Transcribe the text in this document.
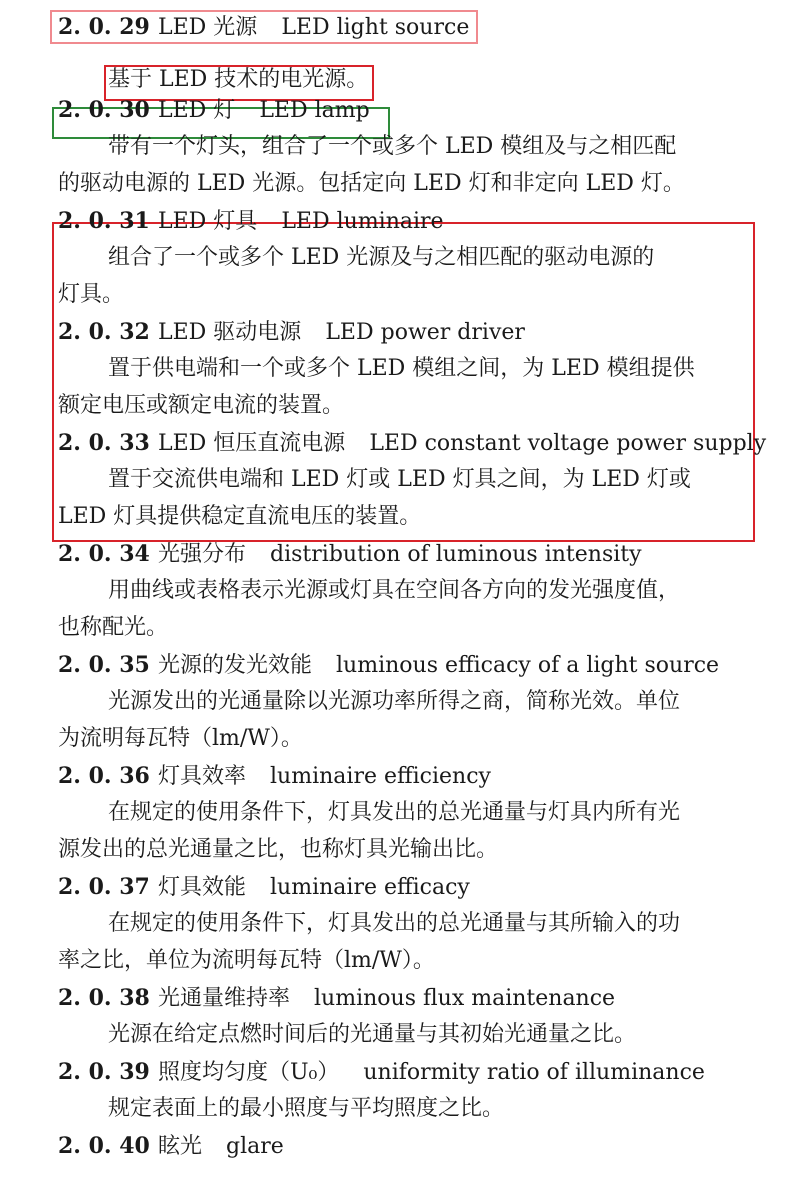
2. 0. 29 LED 光源 LED light source
基于 LED 技术的电光源。
2. 0. 30 LED 灯 LED lamp
带有一个灯头，组合了一个或多个 LED 模组及与之相匹配
的驱动电源的 LED 光源。包括定向 LED 灯和非定向 LED 灯。
2. 0. 31 LED 灯具 LED luminaire
组合了一个或多个 LED 光源及与之相匹配的驱动电源的
灯具。
2. 0. 32 LED 驱动电源 LED power driver
置于供电端和一个或多个 LED 模组之间，为 LED 模组提供
额定电压或额定电流的装置。
2. 0. 33 LED 恒压直流电源 LED constant voltage power supply
置于交流供电端和 LED 灯或 LED 灯具之间，为 LED 灯或
LED 灯具提供稳定直流电压的装置。
2. 0. 34 光强分布 distribution of luminous intensity
用曲线或表格表示光源或灯具在空间各方向的发光强度值，
也称配光。
2. 0. 35 光源的发光效能 luminous efficacy of a light source
光源发出的光通量除以光源功率所得之商，简称光效。单位
为流明每瓦特（lm/W）。
2. 0. 36 灯具效率 luminaire efficiency
在规定的使用条件下，灯具发出的总光通量与灯具内所有光
源发出的总光通量之比，也称灯具光输出比。
2. 0. 37 灯具效能 luminaire efficacy
在规定的使用条件下，灯具发出的总光通量与其所输入的功
率之比，单位为流明每瓦特（lm/W）。
2. 0. 38 光通量维持率 luminous flux maintenance
光源在给定点燃时间后的光通量与其初始光通量之比。
2. 0. 39 照度均匀度（U₀） uniformity ratio of illuminance
规定表面上的最小照度与平均照度之比。
2. 0. 40 眩光 glare
